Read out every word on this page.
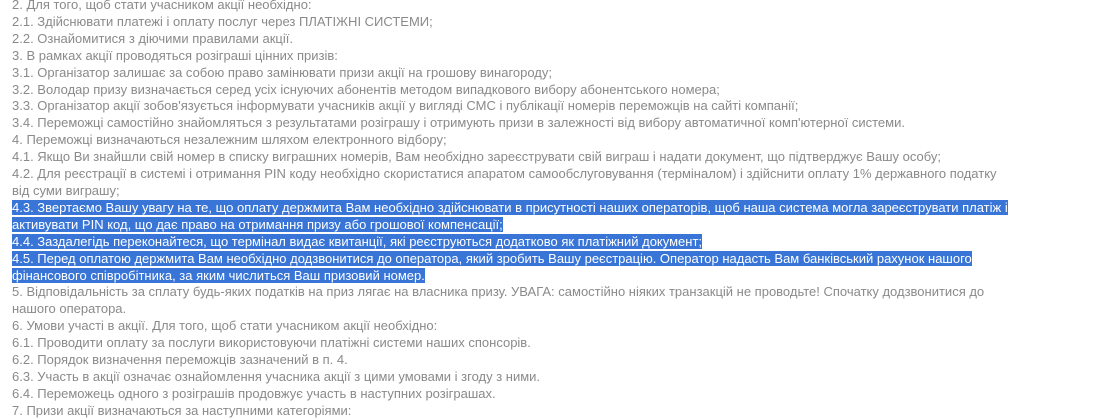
2. Для того, щоб стати учасником акції необхідно:
2.1. Здійснювати платежі і оплату послуг через ПЛАТІЖНІ СИСТЕМИ;
2.2. Ознайомитися з діючими правилами акції.
3. В рамках акції проводяться розіграші цінних призів:
3.1. Організатор залишає за собою право замінювати призи акції на грошову винагороду;
3.2. Володар призу визначається серед усіх існуючих абонентів методом випадкового вибору абонентського номера;
3.3. Організатор акції зобов'язується інформувати учасників акції у вигляді СМС і публікації номерів переможців на сайті компанії;
3.4. Переможці самостійно знайомляться з результатами розіграшу і отримують призи в залежності від вибору автоматичної комп'ютерної системи.
4. Переможці визначаються незалежним шляхом електронного відбору;
4.1. Якщо Ви знайшли свій номер в списку виграшних номерів, Вам необхідно зареєструвати свій виграш і надати документ, що підтверджує Вашу особу;
4.2. Для реєстрації в системі і отримання PIN коду необхідно скористатися апаратом самообслуговування (терміналом) і здійснити оплату 1% державного податку від суми виграшу;
4.3. Звертаємо Вашу увагу на те, що оплату держмита Вам необхідно здійснювати в присутності наших операторів, щоб наша система могла зареєструвати платіж і активувати PIN код, що дає право на отримання призу або грошової компенсації;
4.4. Заздалегідь переконайтеся, що термінал видає квитанції, які реєструються додатково як платіжний документ;
4.5. Перед оплатою держмита Вам необхідно додзвонитися до оператора, який зробить Вашу реєстрацію. Оператор надасть Вам банківський рахунок нашого фінансового співробітника, за яким числиться Ваш призовий номер.
5. Відповідальність за сплату будь-яких податків на приз лягає на власника призу. УВАГА: самостійно ніяких транзакцій не проводьте! Спочатку додзвонитися до нашого оператора.
6. Умови участі в акції. Для того, щоб стати учасником акції необхідно:
6.1. Проводити оплату за послуги використовуючи платіжні системи наших спонсорів.
6.2. Порядок визначення переможців зазначений в п. 4.
6.3. Участь в акції означає ознайомлення учасника акції з цими умовами і згоду з ними.
6.4. Переможець одного з розіграшів продовжує участь в наступних розіграшах.
7. Призи акції визначаються за наступними категоріями:
